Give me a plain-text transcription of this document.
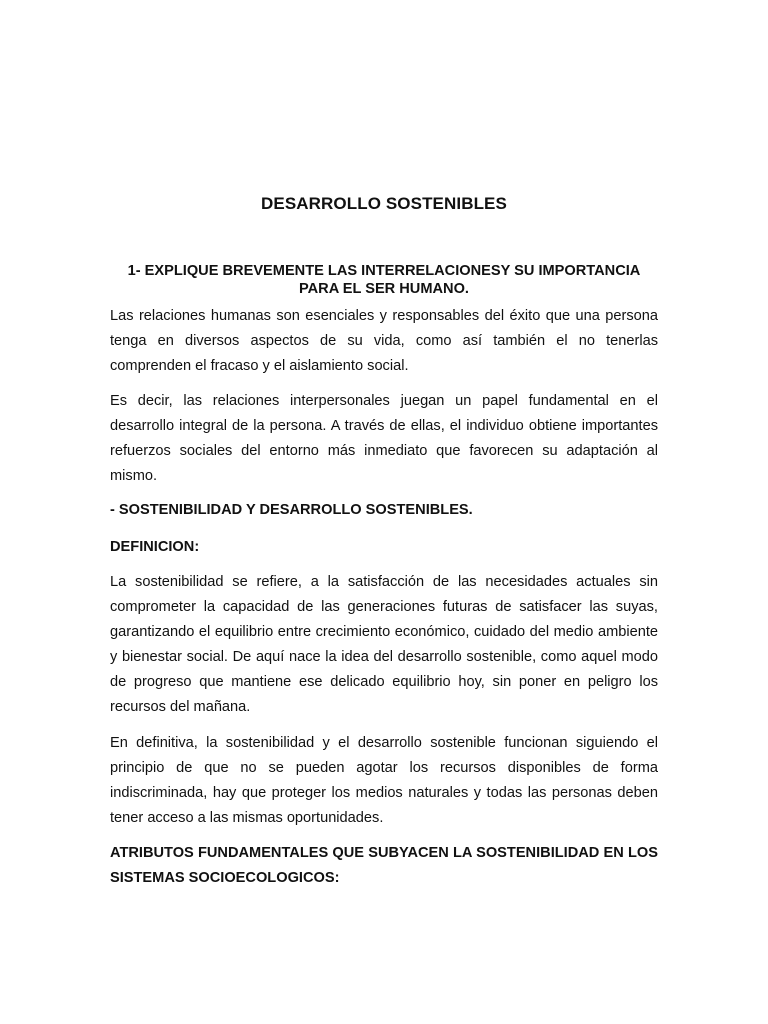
DESARROLLO SOSTENIBLES
1- EXPLIQUE BREVEMENTE LAS INTERRELACIONESY SU IMPORTANCIA
PARA EL SER HUMANO.

Las relaciones humanas son esenciales y responsables del éxito que una persona tenga en diversos aspectos de su vida, como así también el no tenerlas comprenden el fracaso y el aislamiento social.

Es decir, las relaciones interpersonales juegan un papel fundamental en el desarrollo integral de la persona. A través de ellas, el individuo obtiene importantes refuerzos sociales del entorno más inmediato que favorecen su adaptación al mismo.

- SOSTENIBILIDAD Y DESARROLLO SOSTENIBLES.

DEFINICION:

La sostenibilidad se refiere, a la satisfacción de las necesidades actuales sin comprometer la capacidad de las generaciones futuras de satisfacer las suyas, garantizando el equilibrio entre crecimiento económico, cuidado del medio ambiente y bienestar social. De aquí nace la idea del desarrollo sostenible, como aquel modo de progreso que mantiene ese delicado equilibrio hoy, sin poner en peligro los recursos del mañana.

En definitiva, la sostenibilidad y el desarrollo sostenible funcionan siguiendo el principio de que no se pueden agotar los recursos disponibles de forma indiscriminada, hay que proteger los medios naturales y todas las personas deben tener acceso a las mismas oportunidades.

ATRIBUTOS FUNDAMENTALES QUE SUBYACEN LA SOSTENIBILIDAD EN LOS SISTEMAS SOCIOECOLOGICOS:
